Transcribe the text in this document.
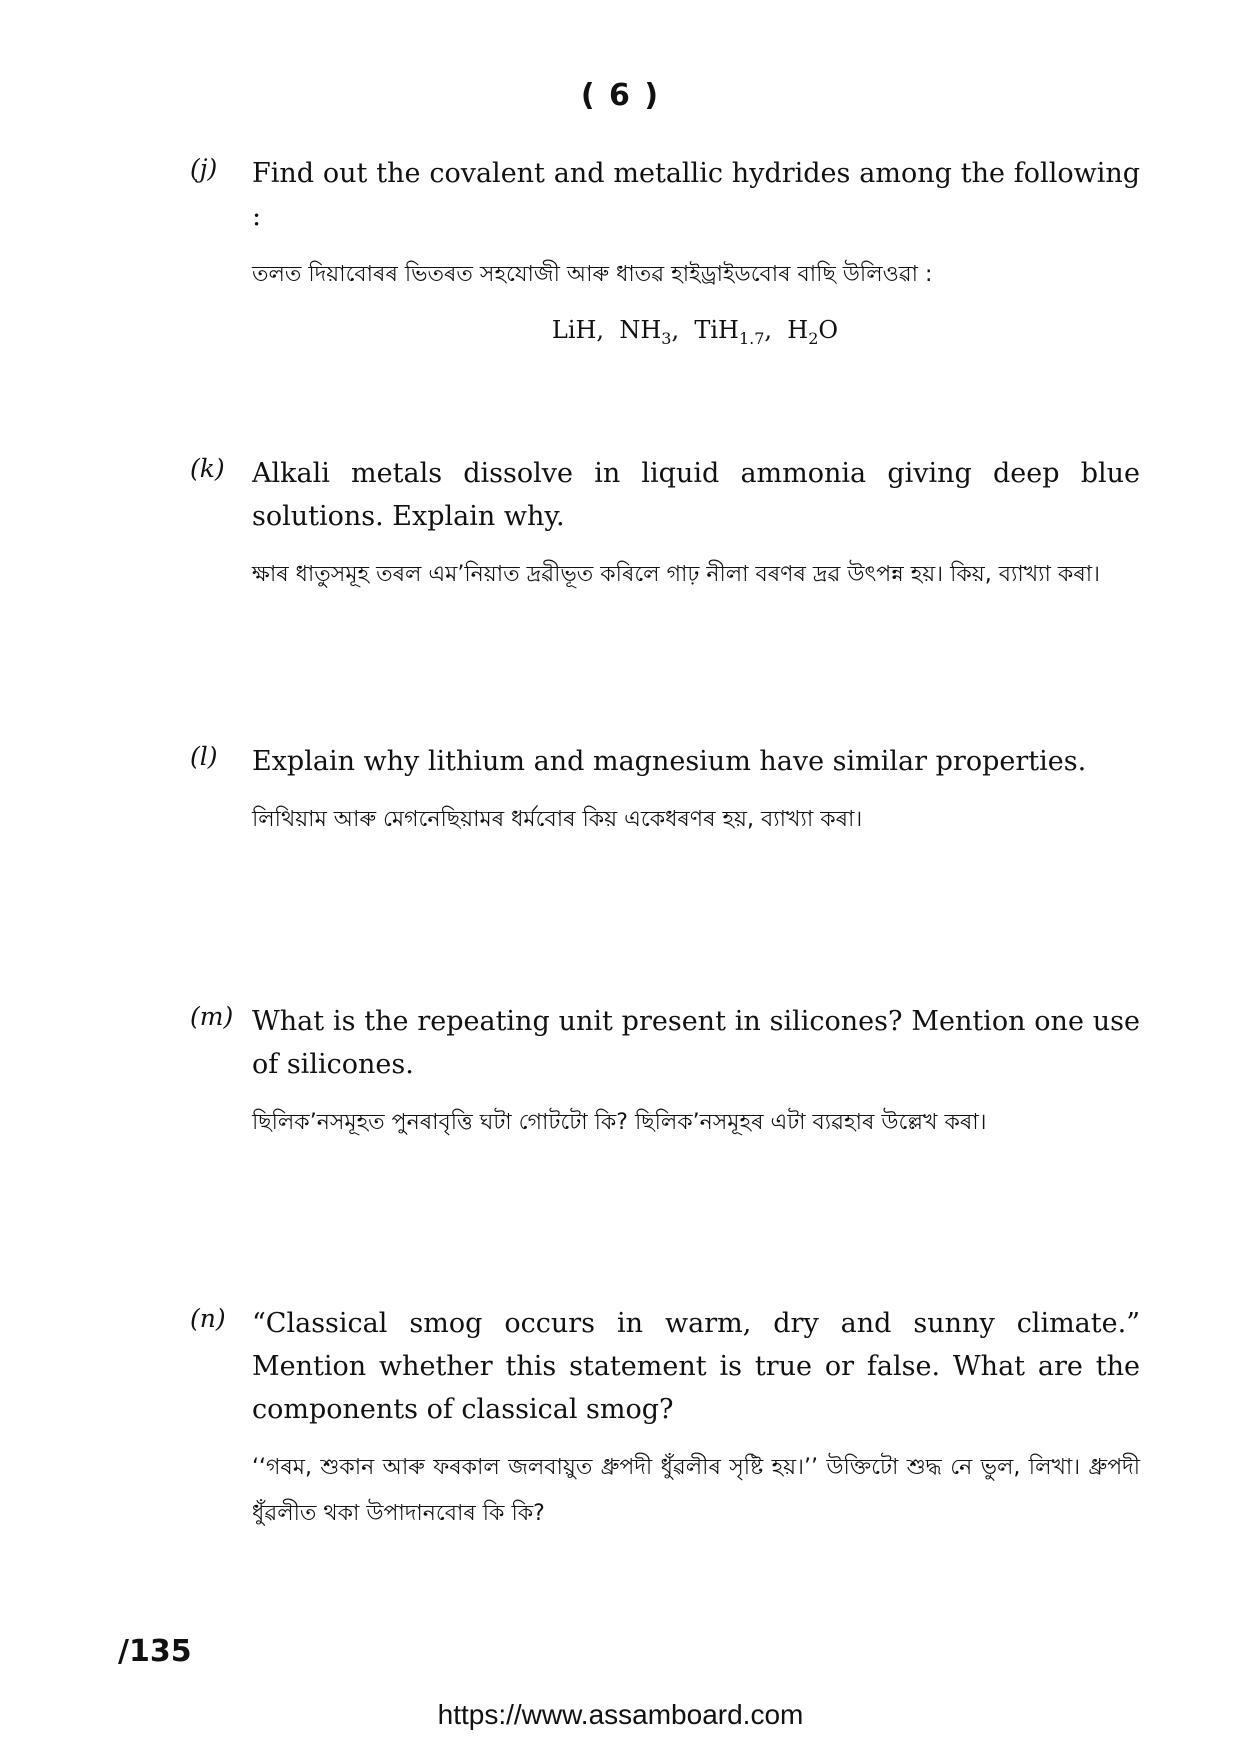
( 6 )
(j) Find out the covalent and metallic hydrides among the following :
তলত দিয়াবোৰৰ ভিতৰত সহযোজী আৰু ধাতৱ হাইড্ৰাইডবোৰ বাছি উলিওৱা :
LiH,  $NH_3$,  TiH$_{1.7}$,  $H_2O$
(k) Alkali metals dissolve in liquid ammonia giving deep blue solutions. Explain why.
ক্ষাৰ ধাতুসমূহ তৰল এম’নিয়াত দ্ৰৱীভূত কৰিলে গাঢ় নীলা বৰণৰ দ্ৰৱ উৎপন্ন হয়। কিয়, ব্যাখ্যা কৰা।
(l) Explain why lithium and magnesium have similar properties.
লিথিয়াম আৰু মেগনেছিয়ামৰ ধৰ্মবোৰ কিয় একেধৰণৰ হয়, ব্যাখ্যা কৰা।
(m) What is the repeating unit present in silicones? Mention one use of silicones.
ছিলিক’নসমূহত পুনৰাবৃত্তি ঘটা গোটটো কি? ছিলিক’নসমূহৰ এটা ব্যৱহাৰ উল্লেখ কৰা।
(n) “Classical smog occurs in warm, dry and sunny climate.” Mention whether this statement is true or false. What are the components of classical smog?
‘‘গৰম, শুকান আৰু ফৰকাল জলবায়ুত ধ্ৰুপদী ধুঁৱলীৰ সৃষ্টি হয়।’’ উক্তিটো শুদ্ধ নে ভুল, লিখা। ধ্ৰুপদী ধুঁৱলীত থকা উপাদানবোৰ কি কি?
/135
https://www.assamboard.com
